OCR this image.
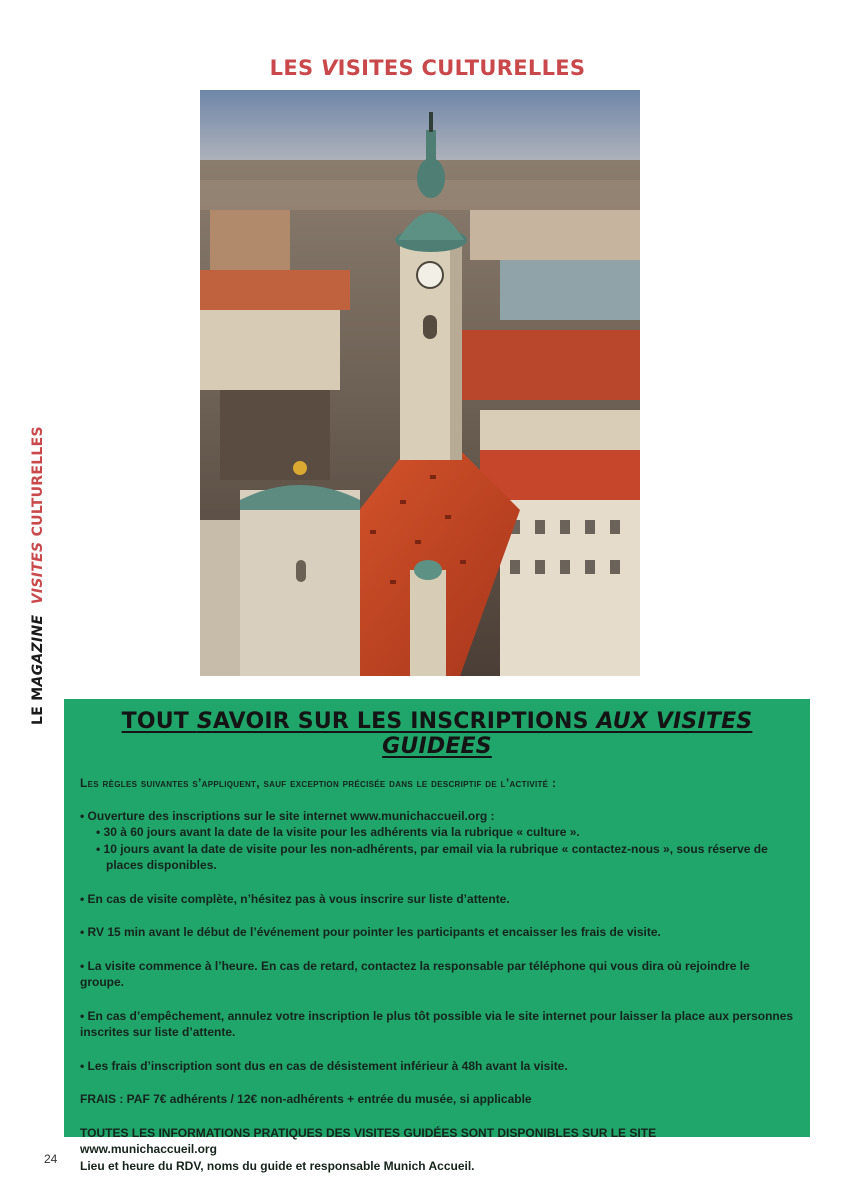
LES VISITES CULTURELLES
LE MAGAZINE  VISITES CULTURELLES
TOUT SAVOIR SUR LES INSCRIPTIONS AUX VISITES GUIDEES
Les règles suivantes s’appliquent, sauf exception précisée dans le descriptif de l’activité :
• Ouverture des inscriptions sur le site internet www.munichaccueil.org :
• 30 à 60 jours avant la date de la visite pour les adhérents via la rubrique « culture ».
• 10 jours avant la date de visite pour les non-adhérents, par email via la rubrique « contactez-nous », sous réserve de
places disponibles.
• En cas de visite complète, n’hésitez pas à vous inscrire sur liste d’attente.
• RV 15 min avant le début de l’événement pour pointer les participants et encaisser les frais de visite.
• La visite commence à l’heure. En cas de retard, contactez la responsable par téléphone qui vous dira où rejoindre le groupe.
• En cas d’empêchement, annulez votre inscription le plus tôt possible via le site internet pour laisser la place aux personnes inscrites sur liste d’attente.
• Les frais d’inscription sont dus en cas de désistement inférieur à 48h avant la visite.
FRAIS : PAF 7€ adhérents / 12€ non-adhérents + entrée du musée, si applicable
TOUTES LES INFORMATIONS PRATIQUES DES VISITES GUIDÉES SONT DISPONIBLES SUR LE SITE www.munichaccueil.org
Lieu et heure du RDV, noms du guide et responsable Munich Accueil.
24
